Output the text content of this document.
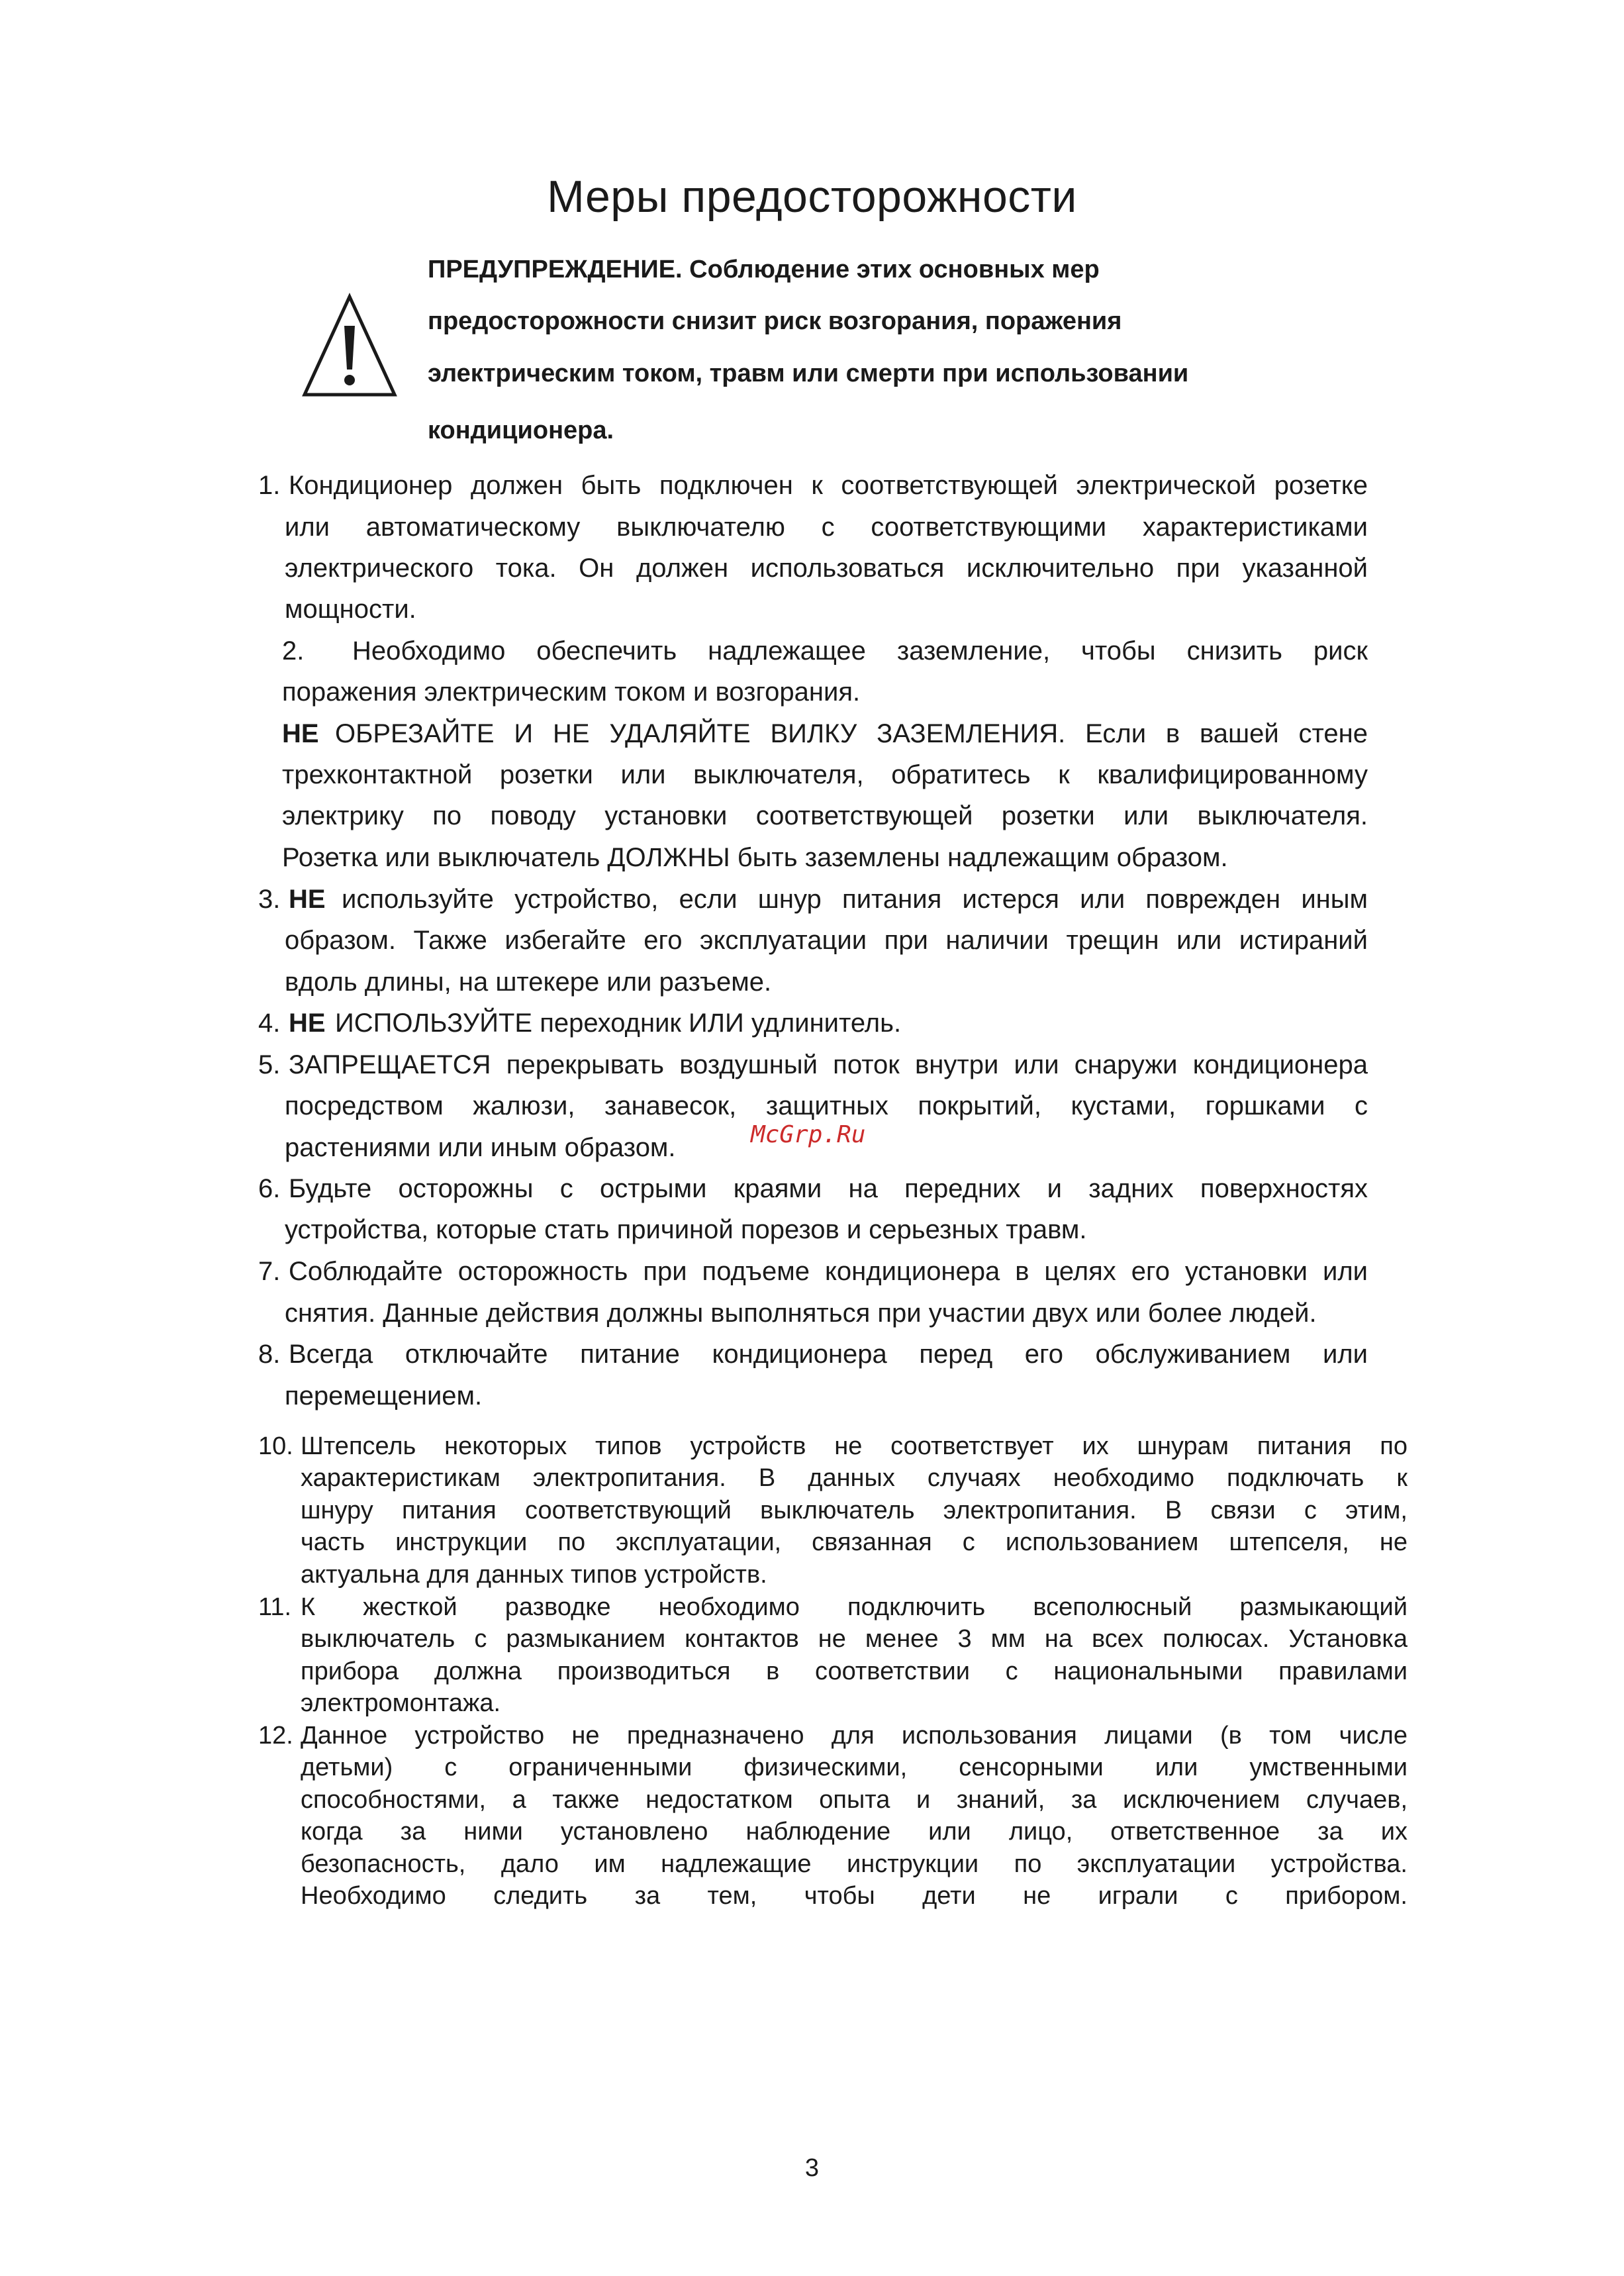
Меры предосторожности
ПРЕДУПРЕЖДЕНИЕ. Соблюдение этих основных мер
предосторожности снизит риск возгорания, поражения
электрическим током, травм или смерти при использовании
кондиционера.
1. Кондиционер должен быть подключен к соответствующей электрической розетке
или автоматическому выключателю с соответствующими характеристиками
электрического тока. Он должен использоваться исключительно при указанной
мощности.
2. Необходимо обеспечить надлежащее заземление, чтобы снизить риск
поражения электрическим током и возгорания.
НЕ ОБРЕЗАЙТЕ И НЕ УДАЛЯЙТЕ ВИЛКУ ЗАЗЕМЛЕНИЯ. Если в вашей стене
трехконтактной розетки или выключателя, обратитесь к квалифицированному
электрику по поводу установки соответствующей розетки или выключателя.
Розетка или выключатель ДОЛЖНЫ быть заземлены надлежащим образом.
3. НЕ используйте устройство, если шнур питания истерся или поврежден иным
образом. Также избегайте его эксплуатации при наличии трещин или истираний
вдоль длины, на штекере или разъеме.
4. НЕ ИСПОЛЬЗУЙТЕ переходник ИЛИ удлинитель.
5. ЗАПРЕЩАЕТСЯ перекрывать воздушный поток внутри или снаружи кондиционера
посредством жалюзи, занавесок, защитных покрытий, кустами, горшками с
растениями или иным образом.	McGrp.Ru
6. Будьте осторожны с острыми краями на передних и задних поверхностях
устройства, которые стать причиной порезов и серьезных травм.
7. Соблюдайте осторожность при подъеме кондиционера в целях его установки или
снятия. Данные действия должны выполняться при участии двух или более людей.
8. Всегда отключайте питание кондиционера перед его обслуживанием или
перемещением.
10. Штепсель некоторых типов устройств не соответствует их шнурам питания по
характеристикам электропитания. В данных случаях необходимо подключать к
шнуру питания соответствующий выключатель электропитания. В связи с этим,
часть инструкции по эксплуатации, связанная с использованием штепселя, не
актуальна для данных типов устройств.
11. К жесткой разводке необходимо подключить всеполюсный размыкающий
выключатель с размыканием контактов не менее 3 мм на всех полюсах. Установка
прибора должна производиться в соответствии с национальными правилами
электромонтажа.
12. Данное устройство не предназначено для использования лицами (в том числе
детьми) с ограниченными физическими, сенсорными или умственными
способностями, а также недостатком опыта и знаний, за исключением случаев,
когда за ними установлено наблюдение или лицо, ответственное за их
безопасность, дало им надлежащие инструкции по эксплуатации устройства.
Необходимо следить за тем, чтобы дети не играли с прибором.
3
